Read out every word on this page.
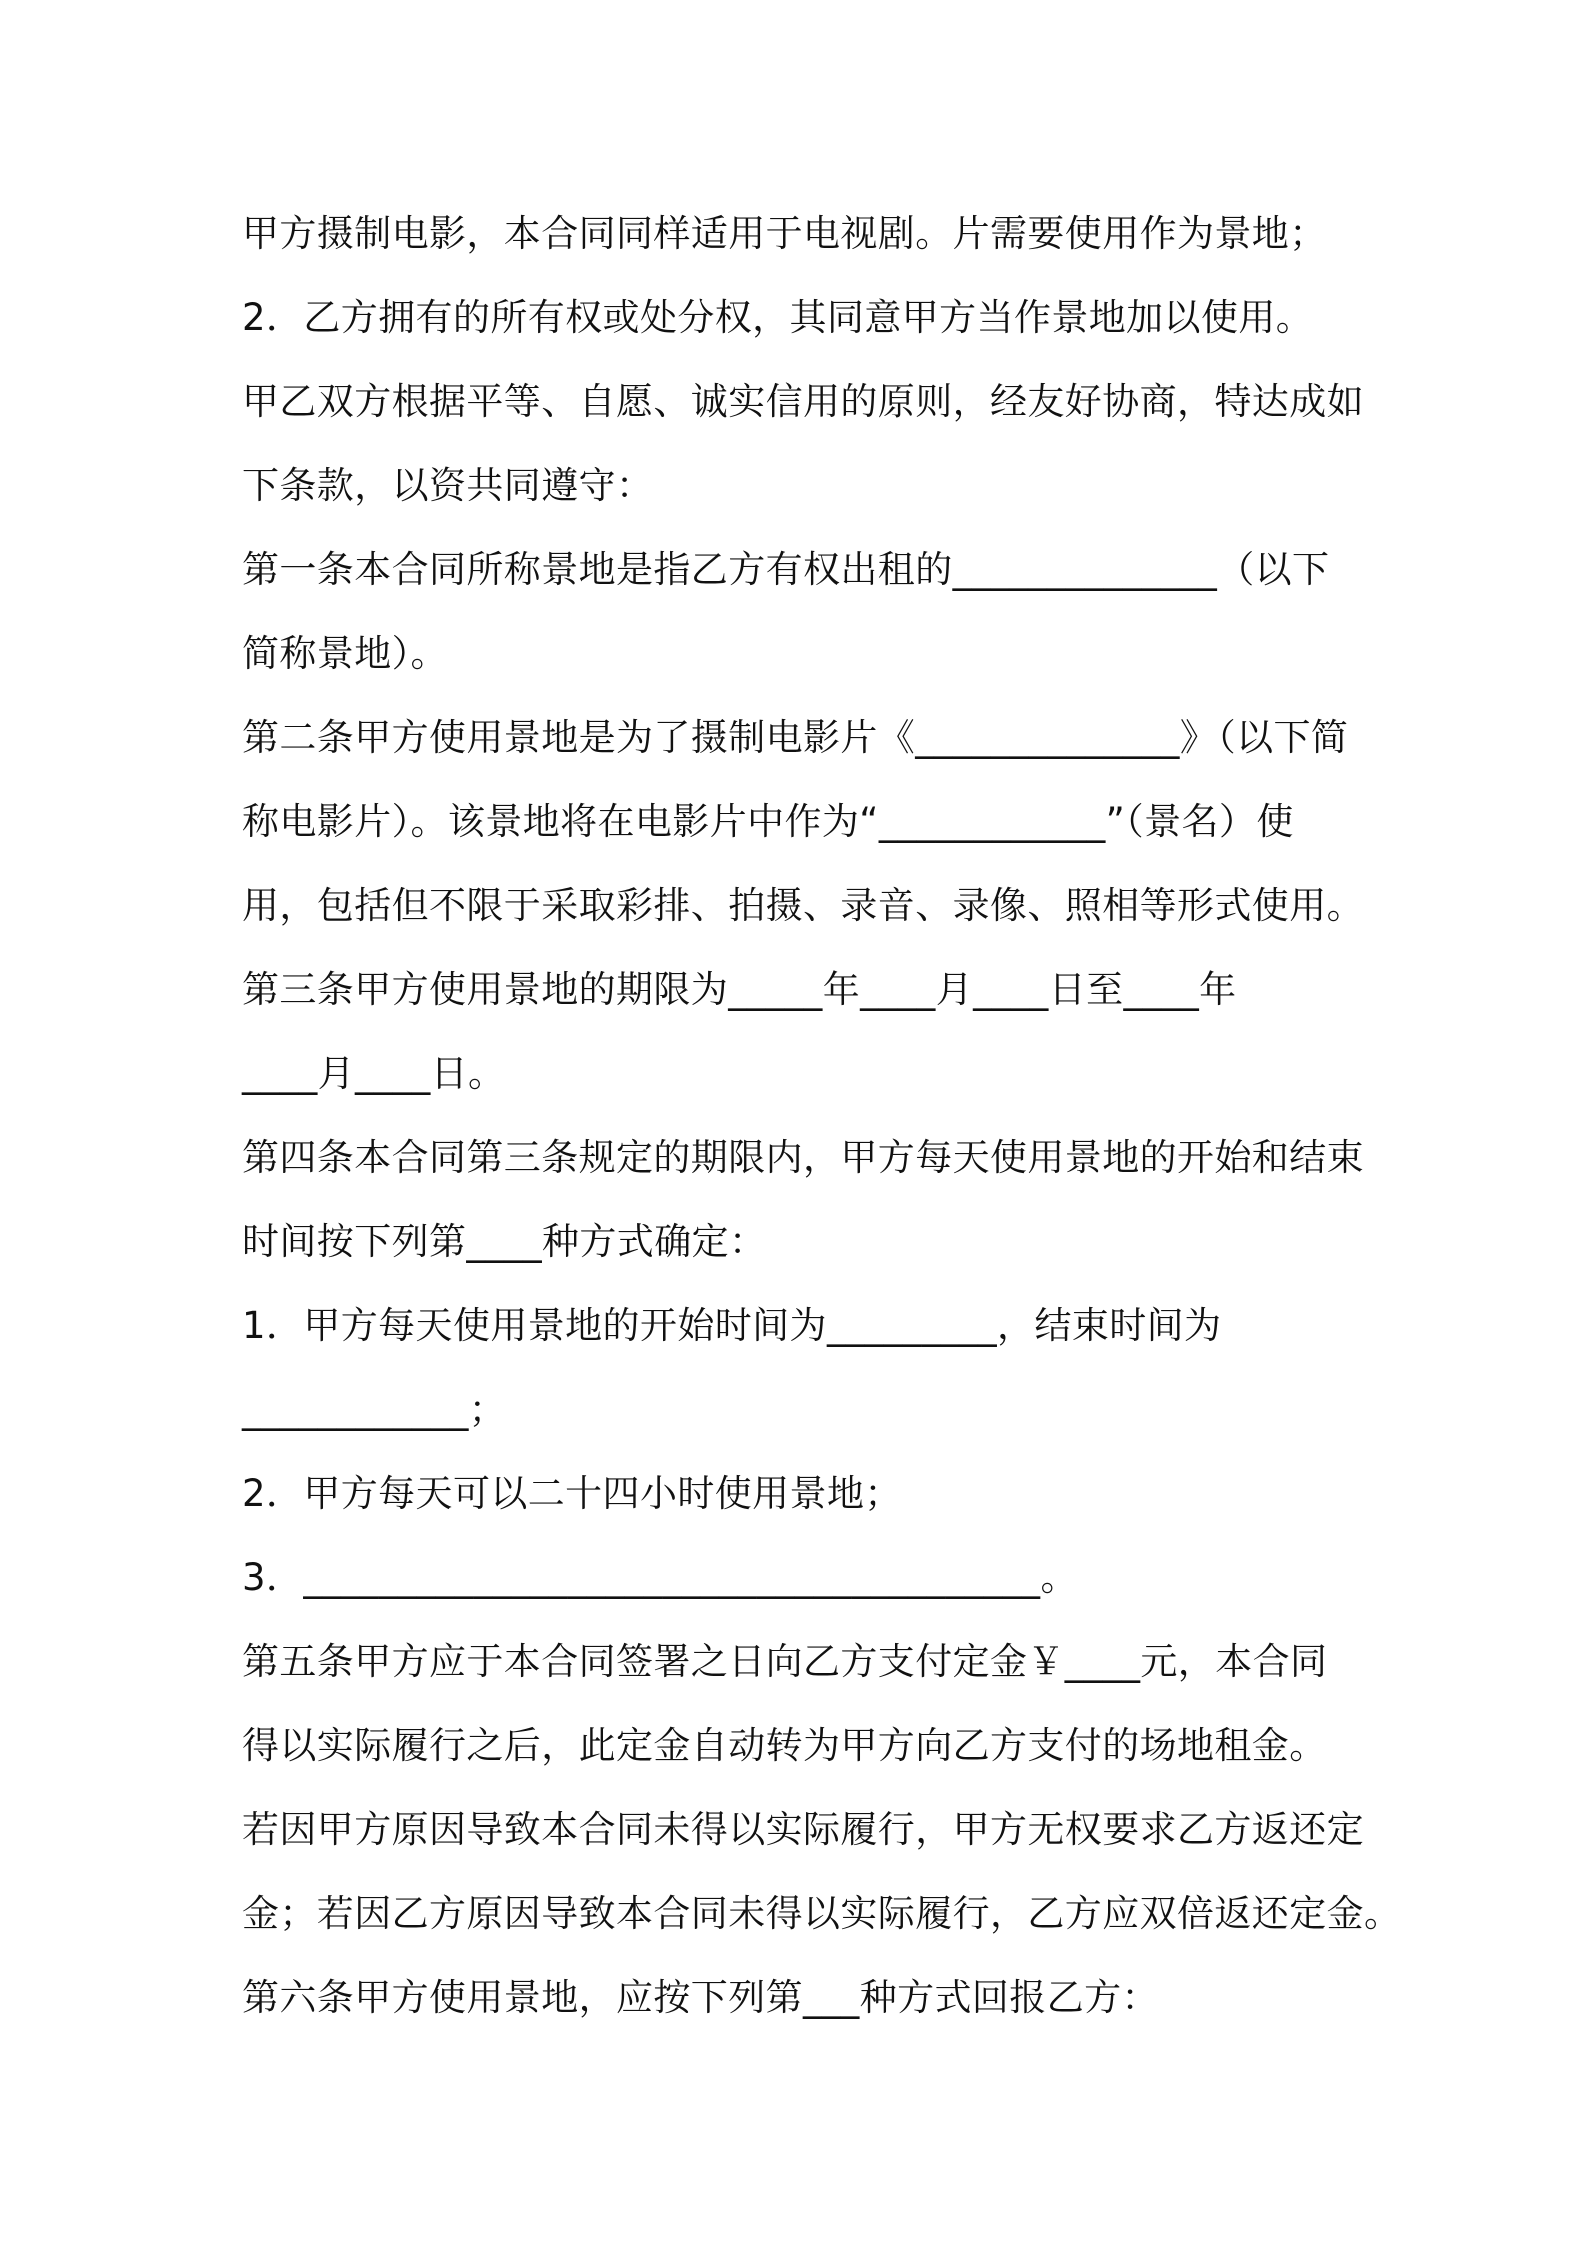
甲方摄制电影，本合同同样适用于电视剧。片需要使用作为景地；
2．乙方拥有的所有权或处分权，其同意甲方当作景地加以使用。
甲乙双方根据平等、自愿、诚实信用的原则，经友好协商，特达成如
下条款，以资共同遵守：
第一条本合同所称景地是指乙方有权出租的______________（以下
简称景地）。
第二条甲方使用景地是为了摄制电影片《______________》（以下简
称电影片）。该景地将在电影片中作为“____________”（景名）使
用，包括但不限于采取彩排、拍摄、录音、录像、照相等形式使用。
第三条甲方使用景地的期限为_____年____月____日至____年
____月____日。
第四条本合同第三条规定的期限内，甲方每天使用景地的开始和结束
时间按下列第____种方式确定：
1．甲方每天使用景地的开始时间为_________，结束时间为
____________；
2．甲方每天可以二十四小时使用景地；
3．_______________________________________。
第五条甲方应于本合同签署之日向乙方支付定金￥____元，本合同
得以实际履行之后，此定金自动转为甲方向乙方支付的场地租金。
若因甲方原因导致本合同未得以实际履行，甲方无权要求乙方返还定
金；若因乙方原因导致本合同未得以实际履行，乙方应双倍返还定金。
第六条甲方使用景地，应按下列第___种方式回报乙方：
